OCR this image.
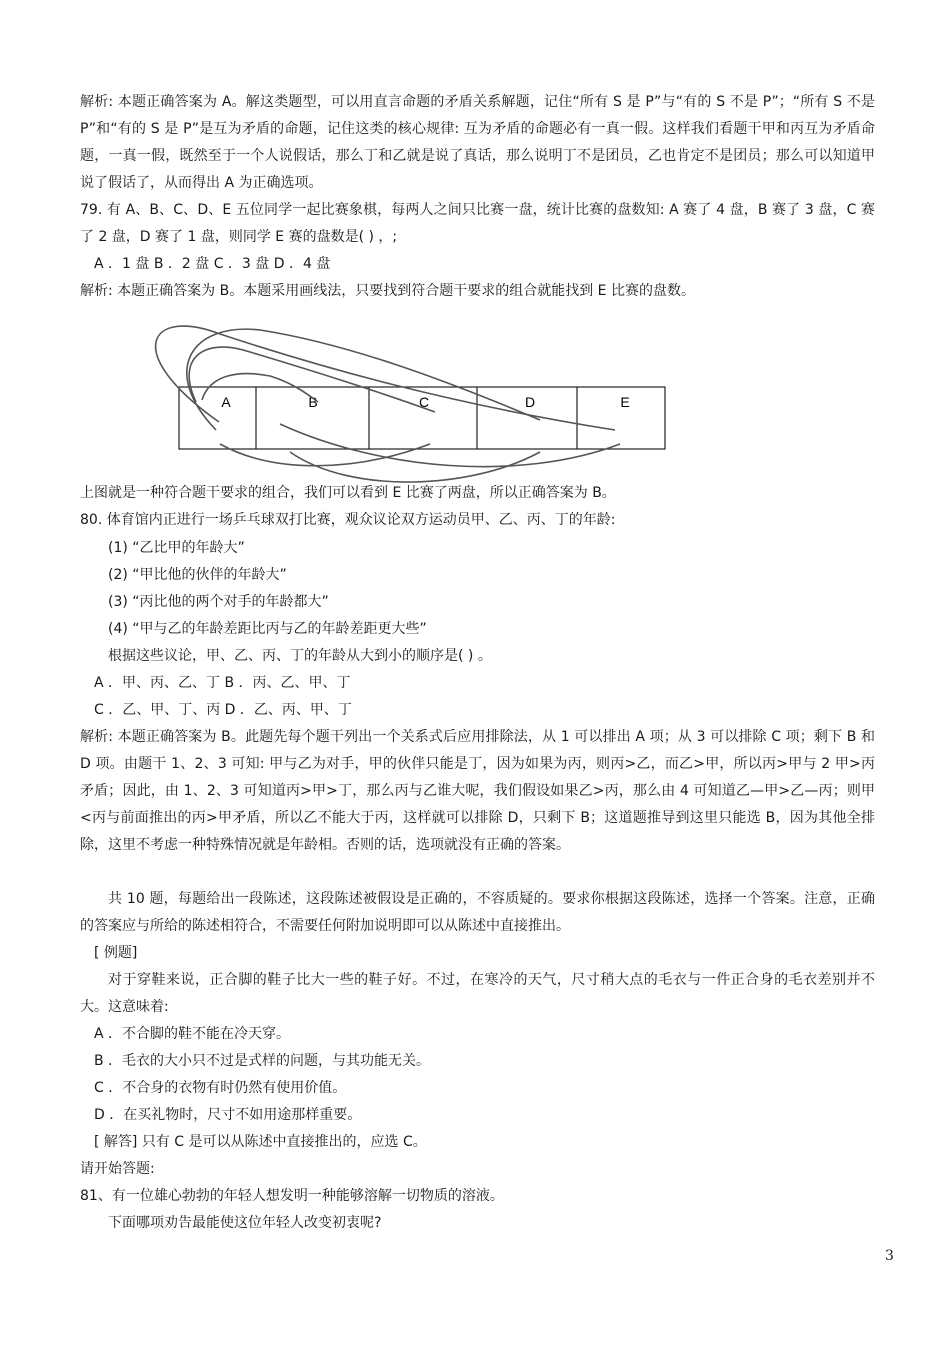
解析: 本题正确答案为 A。解这类题型，可以用直言命题的矛盾关系解题，记住“所有 S 是 P”与“有的 S 不是 P”；“所有 S 不是 P”和“有的 S 是 P”是互为矛盾的命题，记住这类的核心规律: 互为矛盾的命题必有一真一假。这样我们看题干甲和丙互为矛盾命题，一真一假，既然至于一个人说假话，那么丁和乙就是说了真话，那么说明丁不是团员，乙也肯定不是团员；那么可以知道甲说了假话了，从而得出 A 为正确选项。

79. 有 A、B、C、D、E 五位同学一起比赛象棋，每两人之间只比赛一盘，统计比赛的盘数知: A 赛了 4 盘，B 赛了 3 盘，C 赛了 2 盘，D 赛了 1 盘，则同学 E 赛的盘数是( ) ，;

A ．1 盘 B ．2 盘 C ．3 盘 D ．4 盘

解析: 本题正确答案为 B。本题采用画线法，只要找到符合题干要求的组合就能找到 E 比赛的盘数。

A	B	C	D	E

上图就是一种符合题干要求的组合，我们可以看到 E 比赛了两盘，所以正确答案为 B。

80. 体育馆内正进行一场乒乓球双打比赛，观众议论双方运动员甲、乙、丙、丁的年龄:

(1) “乙比甲的年龄大”

(2) “甲比他的伙伴的年龄大”

(3) “丙比他的两个对手的年龄都大”

(4) “甲与乙的年龄差距比丙与乙的年龄差距更大些”

根据这些议论，甲、乙、丙、丁的年龄从大到小的顺序是( ) 。

A ．甲、丙、乙、丁 B ．丙、乙、甲、丁

C ．乙、甲、丁、丙 D ．乙、丙、甲、丁

解析: 本题正确答案为 B。此题先每个题干列出一个关系式后应用排除法，从 1 可以排出 A 项；从 3 可以排除 C 项；剩下 B 和 D 项。由题干 1、2、3 可知: 甲与乙为对手，甲的伙伴只能是丁，因为如果为丙，则丙>乙，而乙>甲，所以丙>甲与 2 甲>丙矛盾；因此，由 1、2、3 可知道丙>甲>丁，那么丙与乙谁大呢，我们假设如果乙>丙，那么由 4 可知道乙—甲>乙—丙；则甲<丙与前面推出的丙>甲矛盾，所以乙不能大于丙，这样就可以排除 D，只剩下 B；这道题推导到这里只能选 B，因为其他全排除，这里不考虑一种特殊情况就是年龄相。否则的话，选项就没有正确的答案。

共 10 题，每题给出一段陈述，这段陈述被假设是正确的，不容质疑的。要求你根据这段陈述，选择一个答案。注意，正确的答案应与所给的陈述相符合，不需要任何附加说明即可以从陈述中直接推出。

[ 例题]

对于穿鞋来说，正合脚的鞋子比大一些的鞋子好。不过，在寒冷的天气，尺寸稍大点的毛衣与一件正合身的毛衣差别并不大。这意味着:

A ．不合脚的鞋不能在冷天穿。

B ．毛衣的大小只不过是式样的问题，与其功能无关。

C ．不合身的衣物有时仍然有使用价值。

D ．在买礼物时，尺寸不如用途那样重要。

[ 解答] 只有 C 是可以从陈述中直接推出的，应选 C。

请开始答题:

81、有一位雄心勃勃的年轻人想发明一种能够溶解一切物质的溶液。

下面哪项劝告最能使这位年轻人改变初衷呢?

3
